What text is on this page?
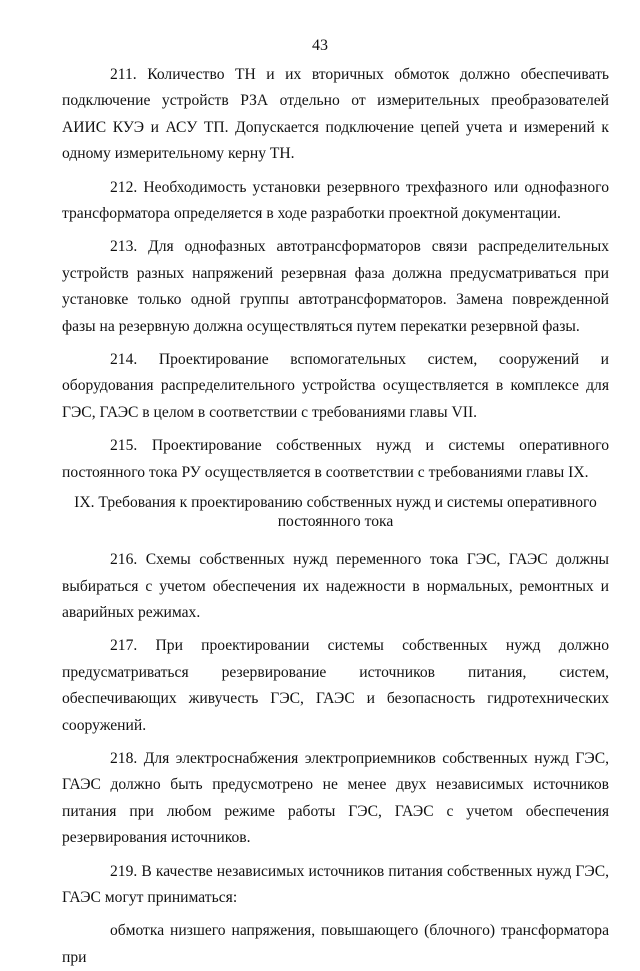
43

211. Количество ТН и их вторичных обмоток должно обеспечивать подключение устройств РЗА отдельно от измерительных преобразователей АИИС КУЭ и АСУ ТП. Допускается подключение цепей учета и измерений к одному измерительному керну ТН.

212. Необходимость установки резервного трехфазного или однофазного трансформатора определяется в ходе разработки проектной документации.

213. Для однофазных автотрансформаторов связи распределительных устройств разных напряжений резервная фаза должна предусматриваться при установке только одной группы автотрансформаторов. Замена поврежденной фазы на резервную должна осуществляться путем перекатки резервной фазы.

214. Проектирование вспомогательных систем, сооружений и оборудования распределительного устройства осуществляется в комплексе для ГЭС, ГАЭС в целом в соответствии с требованиями главы VII.

215. Проектирование собственных нужд и системы оперативного постоянного тока РУ осуществляется в соответствии с требованиями главы IX.

IX. Требования к проектированию собственных нужд и системы оперативного
постоянного тока

216. Схемы собственных нужд переменного тока ГЭС, ГАЭС должны выбираться с учетом обеспечения их надежности в нормальных, ремонтных и аварийных режимах.

217. При проектировании системы собственных нужд должно предусматриваться резервирование источников питания, систем, обеспечивающих живучесть ГЭС, ГАЭС и безопасность гидротехнических сооружений.

218. Для электроснабжения электроприемников собственных нужд ГЭС, ГАЭС должно быть предусмотрено не менее двух независимых источников питания при любом режиме работы ГЭС, ГАЭС с учетом обеспечения резервирования источников.

219. В качестве независимых источников питания собственных нужд ГЭС, ГАЭС могут приниматься:

обмотка низшего напряжения, повышающего (блочного) трансформатора при
